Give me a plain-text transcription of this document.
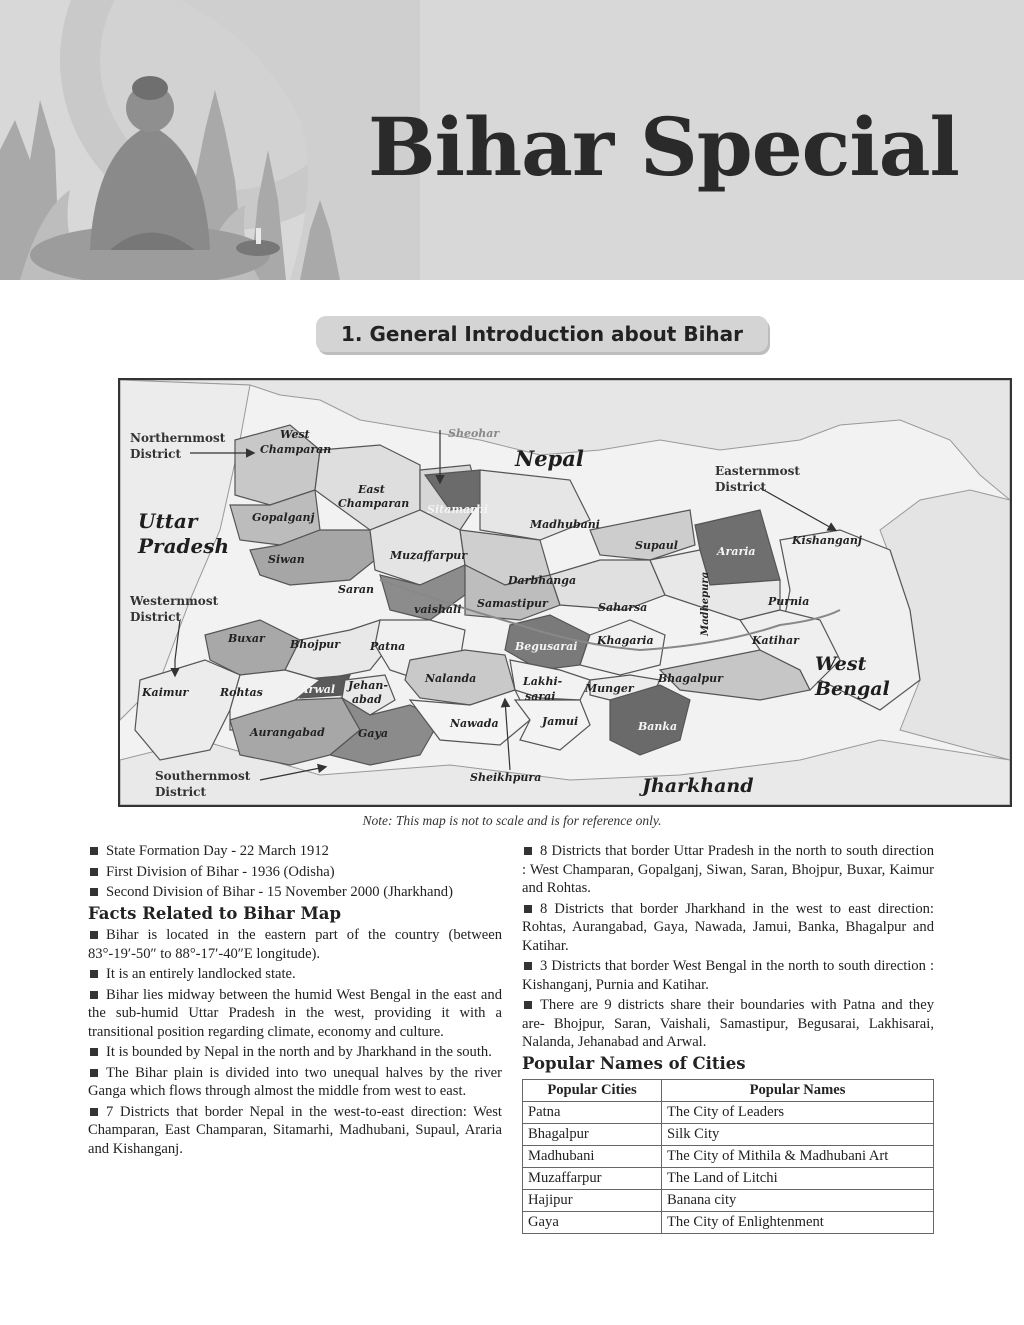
Bihar Special
1. General Introduction about Bihar
Nepal
Uttar
Pradesh
West
Bengal
Jharkhand
Northernmost
District
Easternmost
District
Westernmost
District
Southernmost
District
West
Champaran
Sheohar
East
Champaran Sitamarhi
Gopalganj
Madhubani
Siwan	Muzaffarpur
Supaul	Araria
Kishanganj
Darbhanga
Saran
vaishali Samastipur	Saharsa	Madhepura	Purnia
Begusarai
Buxar Bhojpur	Patna	Khagaria	Katihar
Kaimur	Rohtas	Arwal Jehan-
abad
Nalanda	Lakhi-
sarai
Munger
Bhagalpur
Aurangabad	Gaya
Nawada	Jamui	Banka
Sheikhpura
Note: This map is not to scale and is for reference only.
State Formation Day - 22 March 1912
First Division of Bihar - 1936 (Odisha)
Second Division of Bihar - 15 November 2000 (Jharkhand)
Facts Related to Bihar Map
Bihar is located in the eastern part of the country (between 83°-19′-50″ to 88°-17′-40″E longitude).
It is an entirely landlocked state.
Bihar lies midway between the humid West Bengal in the east and the sub-humid Uttar Pradesh in the west, providing it with a transitional position regarding climate, economy and culture.
It is bounded by Nepal in the north and by Jharkhand in the south.
The Bihar plain is divided into two unequal halves by the river Ganga which flows through almost the middle from west to east.
7 Districts that border Nepal in the west-to-east direction: West Champaran, East Champaran, Sitamarhi, Madhubani, Supaul, Araria and Kishanganj.
8 Districts that border Uttar Pradesh in the north to south direction : West Champaran, Gopalganj, Siwan, Saran, Bhojpur, Buxar, Kaimur and Rohtas.
8 Districts that border Jharkhand in the west to east direction: Rohtas, Aurangabad, Gaya, Nawada, Jamui, Banka, Bhagalpur and Katihar.
3 Districts that border West Bengal in the north to south direction : Kishanganj, Purnia and Katihar.
There are 9 districts share their boundaries with Patna and they are- Bhojpur, Saran, Vaishali, Samastipur, Begusarai, Lakhisarai, Nalanda, Jehanabad and Arwal.
Popular Names of Cities
Popular Cities	Popular Names
Patna	The City of Leaders
Bhagalpur	Silk City
Madhubani	The City of Mithila & Madhubani Art
Muzaffarpur	The Land of Litchi
Hajipur	Banana city
Gaya	The City of Enlightenment
